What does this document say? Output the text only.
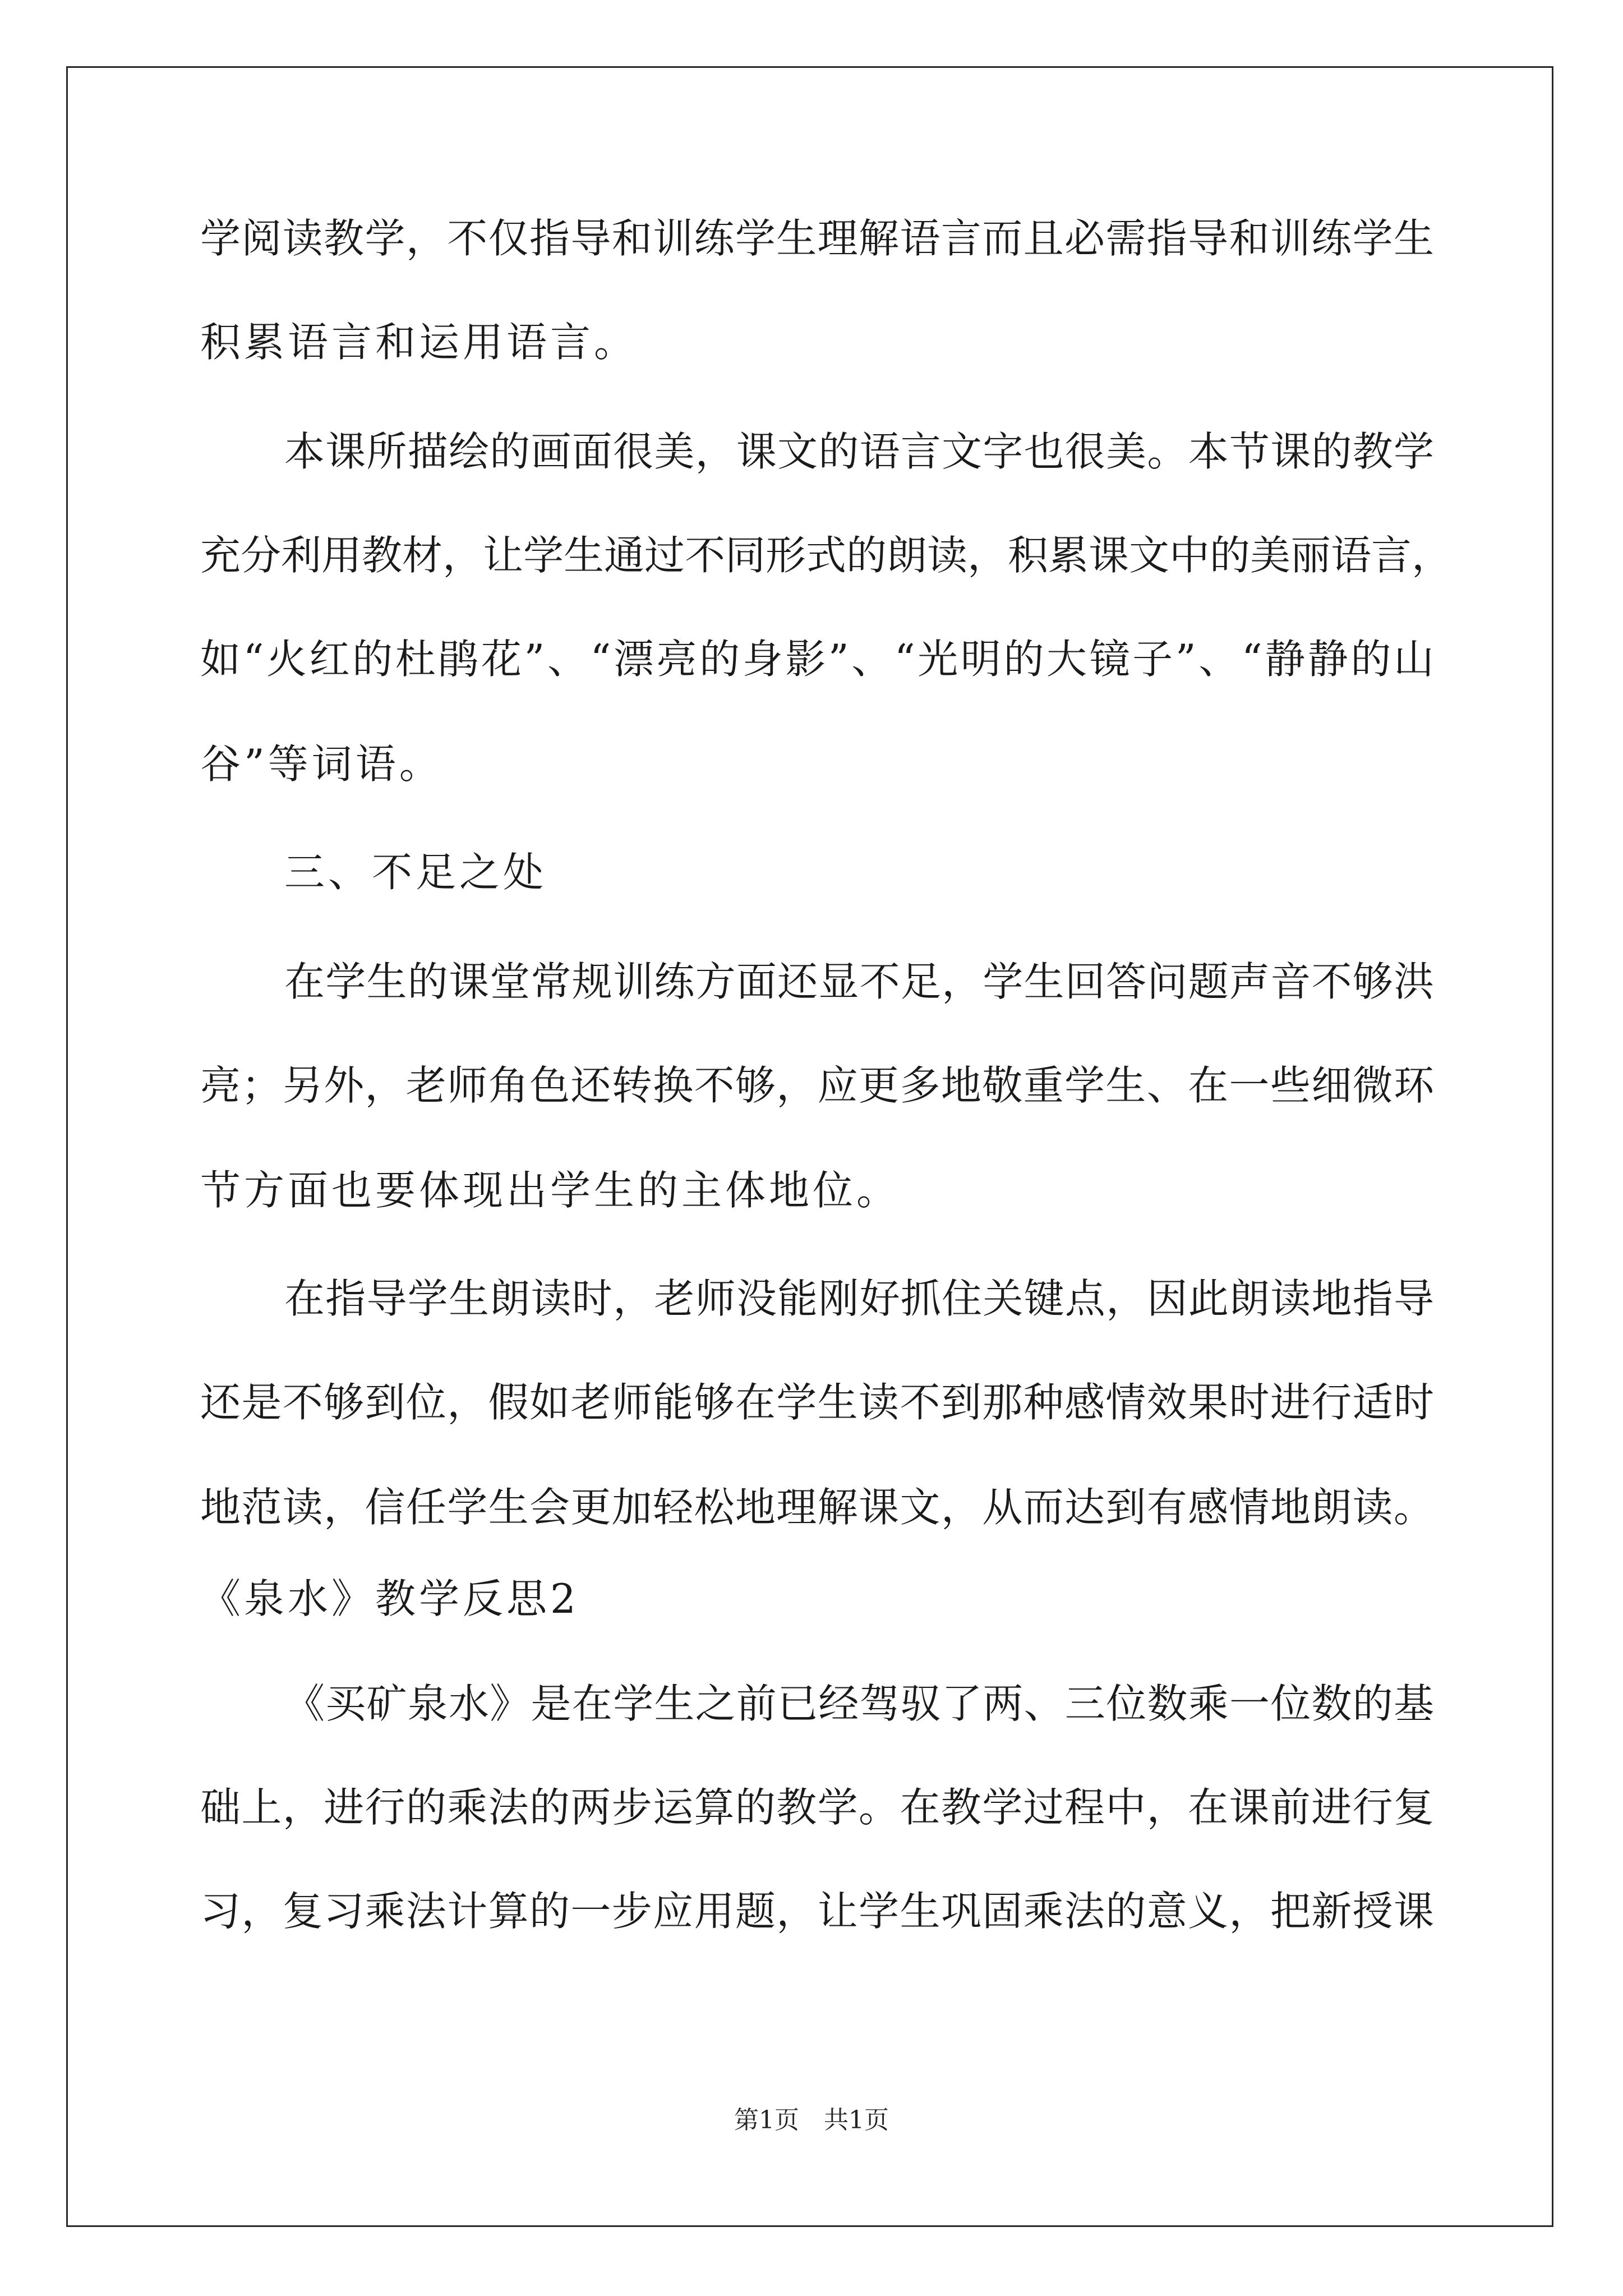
学阅读教学，不仅指导和训练学生理解语言而且必需指导和训练学生
积累语言和运用语言。
本课所描绘的画面很美，课文的语言文字也很美。本节课的教学
充分利用教材，让学生通过不同形式的朗读，积累课文中的美丽语言，
如“火红的杜鹃花”、“漂亮的身影”、“光明的大镜子”、“静静的山
谷”等词语。
三、不足之处
在学生的课堂常规训练方面还显不足，学生回答问题声音不够洪
亮；另外，老师角色还转换不够，应更多地敬重学生、在一些细微环
节方面也要体现出学生的主体地位。
在指导学生朗读时，老师没能刚好抓住关键点，因此朗读地指导
还是不够到位，假如老师能够在学生读不到那种感情效果时进行适时
地范读，信任学生会更加轻松地理解课文，从而达到有感情地朗读。
《泉水》教学反思2
《买矿泉水》是在学生之前已经驾驭了两、三位数乘一位数的基
础上，进行的乘法的两步运算的教学。在教学过程中，在课前进行复
习，复习乘法计算的一步应用题，让学生巩固乘法的意义，把新授课
第1页　共1页
